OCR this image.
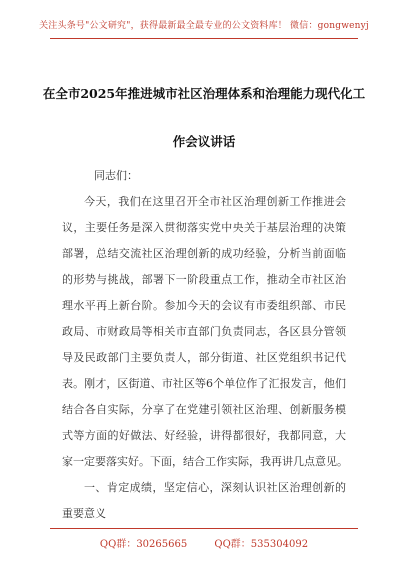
关注头条号"公文研究"，获得最新最全最专业的公文资料库！ 微信：gongwenyj
在全市2025年推进城市社区治理体系和治理能力现代化工
作会议讲话
同志们：
今天，我们在这里召开全市社区治理创新工作推进会
议，主要任务是深入贯彻落实党中央关于基层治理的决策
部署，总结交流社区治理创新的成功经验，分析当前面临
的形势与挑战，部署下一阶段重点工作，推动全市社区治
理水平再上新台阶。参加今天的会议有市委组织部、市民
政局、市财政局等相关市直部门负责同志，各区县分管领
导及民政部门主要负责人，部分街道、社区党组织书记代
表。刚才，区街道、市社区等6个单位作了汇报发言，他们
结合各自实际，分享了在党建引领社区治理、创新服务模
式等方面的好做法、好经验，讲得都很好，我都同意，大
家一定要落实好。下面，结合工作实际，我再讲几点意见。
一、肯定成绩，坚定信心，深刻认识社区治理创新的
重要意义
QQ群：30265665	QQ群：535304092
